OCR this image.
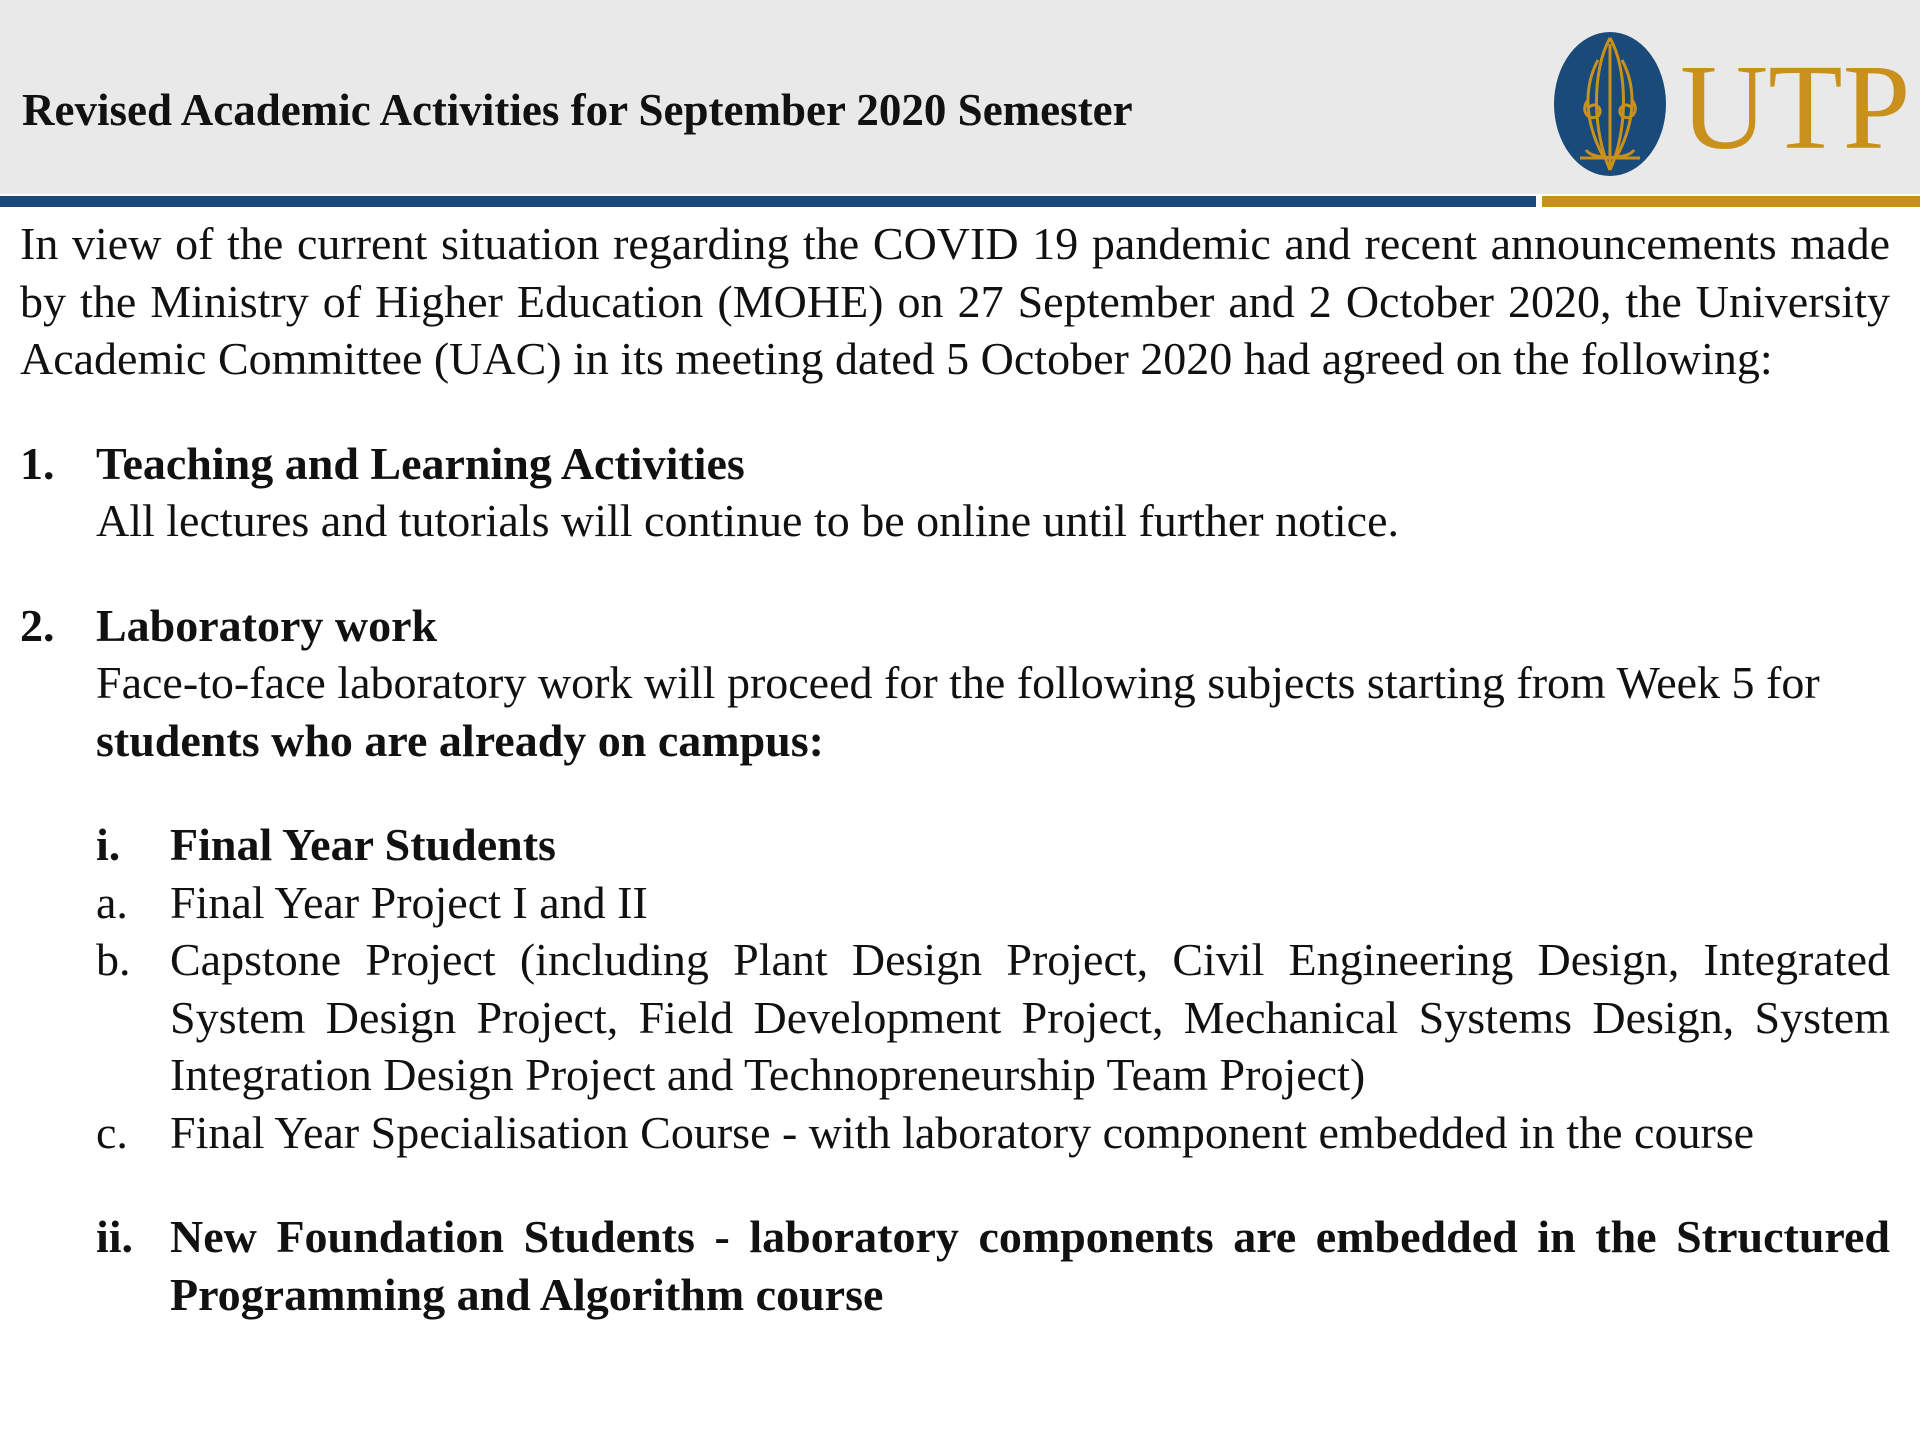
Revised Academic Activities for September 2020 Semester	UTP

In view of the current situation regarding the COVID 19 pandemic and recent announcements made by the Ministry of Higher Education (MOHE) on 27 September and 2 October 2020, the University Academic Committee (UAC) in its meeting dated 5 October 2020 had agreed on the following:

1. Teaching and Learning Activities

All lectures and tutorials will continue to be online until further notice.

2. Laboratory work

Face-to-face laboratory work will proceed for the following subjects starting from Week 5 for students who are already on campus:

i. Final Year Students

a. Final Year Project I and II

b. Capstone Project (including Plant Design Project, Civil Engineering Design, Integrated System Design Project, Field Development Project, Mechanical Systems Design, System Integration Design Project and Technopreneurship Team Project)

c. Final Year Specialisation Course - with laboratory component embedded in the course

ii. New Foundation Students - laboratory components are embedded in the Structured Programming and Algorithm course
